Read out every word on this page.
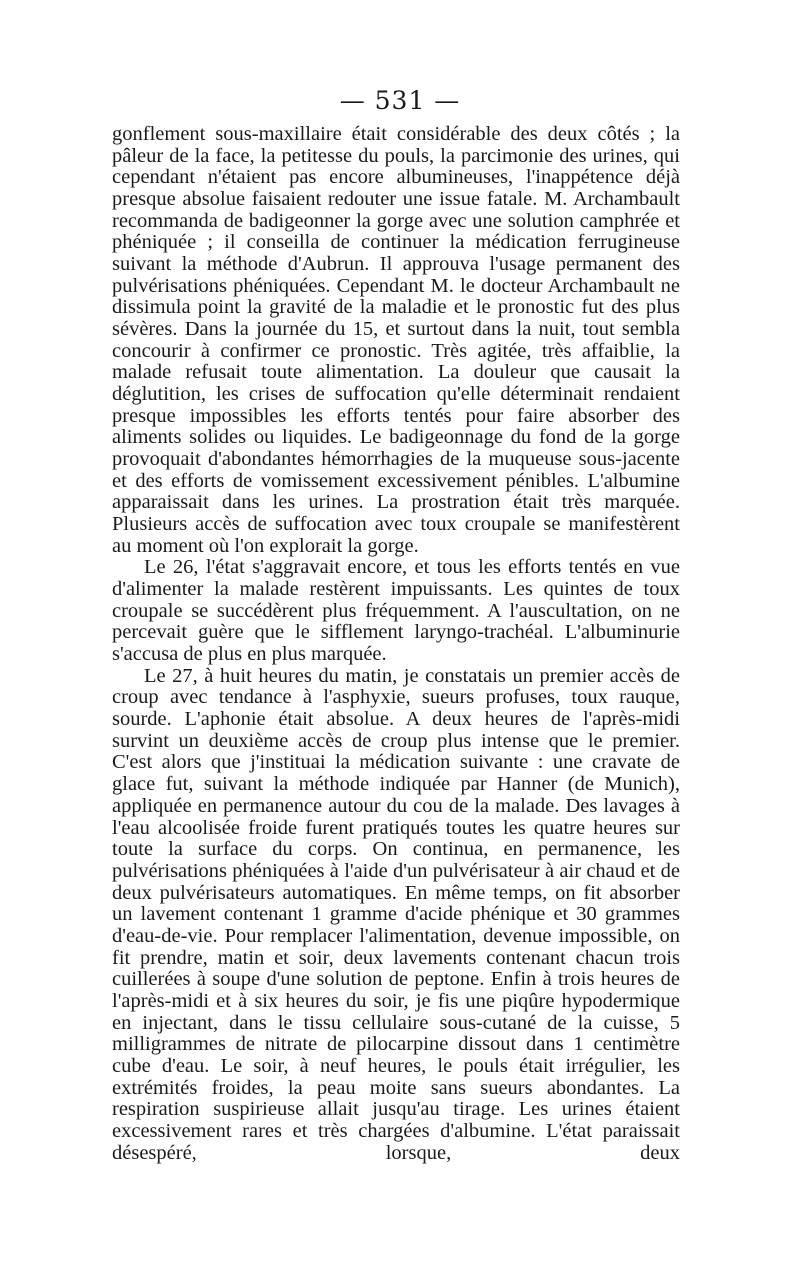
— 531 —

gonflement sous-maxillaire était considérable des deux côtés ; la pâleur de la face, la petitesse du pouls, la parcimonie des urines, qui cependant n'étaient pas encore albumineuses, l'inappétence déjà presque absolue faisaient redouter une issue fatale. M. Archambault recommanda de badigeonner la gorge avec une solution camphrée et phéniquée ; il conseilla de continuer la médication ferrugineuse suivant la méthode d'Aubrun. Il approuva l'usage permanent des pulvérisations phéniquées. Cependant M. le docteur Archambault ne dissimula point la gravité de la maladie et le pronostic fut des plus sévères. Dans la journée du 15, et surtout dans la nuit, tout sembla concourir à confirmer ce pronostic. Très agitée, très affaiblie, la malade refusait toute alimentation. La douleur que causait la déglutition, les crises de suffocation qu'elle déterminait rendaient presque impossibles les efforts tentés pour faire absorber des aliments solides ou liquides. Le badigeonnage du fond de la gorge provoquait d'abondantes hémorrhagies de la muqueuse sous-jacente et des efforts de vomissement excessivement pénibles. L'albumine apparaissait dans les urines. La prostration était très marquée. Plusieurs accès de suffocation avec toux croupale se manifestèrent au moment où l'on explorait la gorge.

Le 26, l'état s'aggravait encore, et tous les efforts tentés en vue d'alimenter la malade restèrent impuissants. Les quintes de toux croupale se succédèrent plus fréquemment. A l'auscultation, on ne percevait guère que le sifflement laryngo-trachéal. L'albuminurie s'accusa de plus en plus marquée.

Le 27, à huit heures du matin, je constatais un premier accès de croup avec tendance à l'asphyxie, sueurs profuses, toux rauque, sourde. L'aphonie était absolue. A deux heures de l'après-midi survint un deuxième accès de croup plus intense que le premier. C'est alors que j'instituai la médication suivante : une cravate de glace fut, suivant la méthode indiquée par Hanner (de Munich), appliquée en permanence autour du cou de la malade. Des lavages à l'eau alcoolisée froide furent pratiqués toutes les quatre heures sur toute la surface du corps. On continua, en permanence, les pulvérisations phéniquées à l'aide d'un pulvérisateur à air chaud et de deux pulvérisateurs automatiques. En même temps, on fit absorber un lavement contenant 1 gramme d'acide phénique et 30 grammes d'eau-de-vie. Pour remplacer l'alimentation, devenue impossible, on fit prendre, matin et soir, deux lavements contenant chacun trois cuillerées à soupe d'une solution de peptone. Enfin à trois heures de l'après-midi et à six heures du soir, je fis une piqûre hypodermique en injectant, dans le tissu cellulaire sous-cutané de la cuisse, 5 milligrammes de nitrate de pilocarpine dissout dans 1 centimètre cube d'eau. Le soir, à neuf heures, le pouls était irrégulier, les extrémités froides, la peau moite sans sueurs abondantes. La respiration suspirieuse allait jusqu'au tirage. Les urines étaient excessivement rares et très chargées d'albumine. L'état paraissait désespéré, lorsque, deux
